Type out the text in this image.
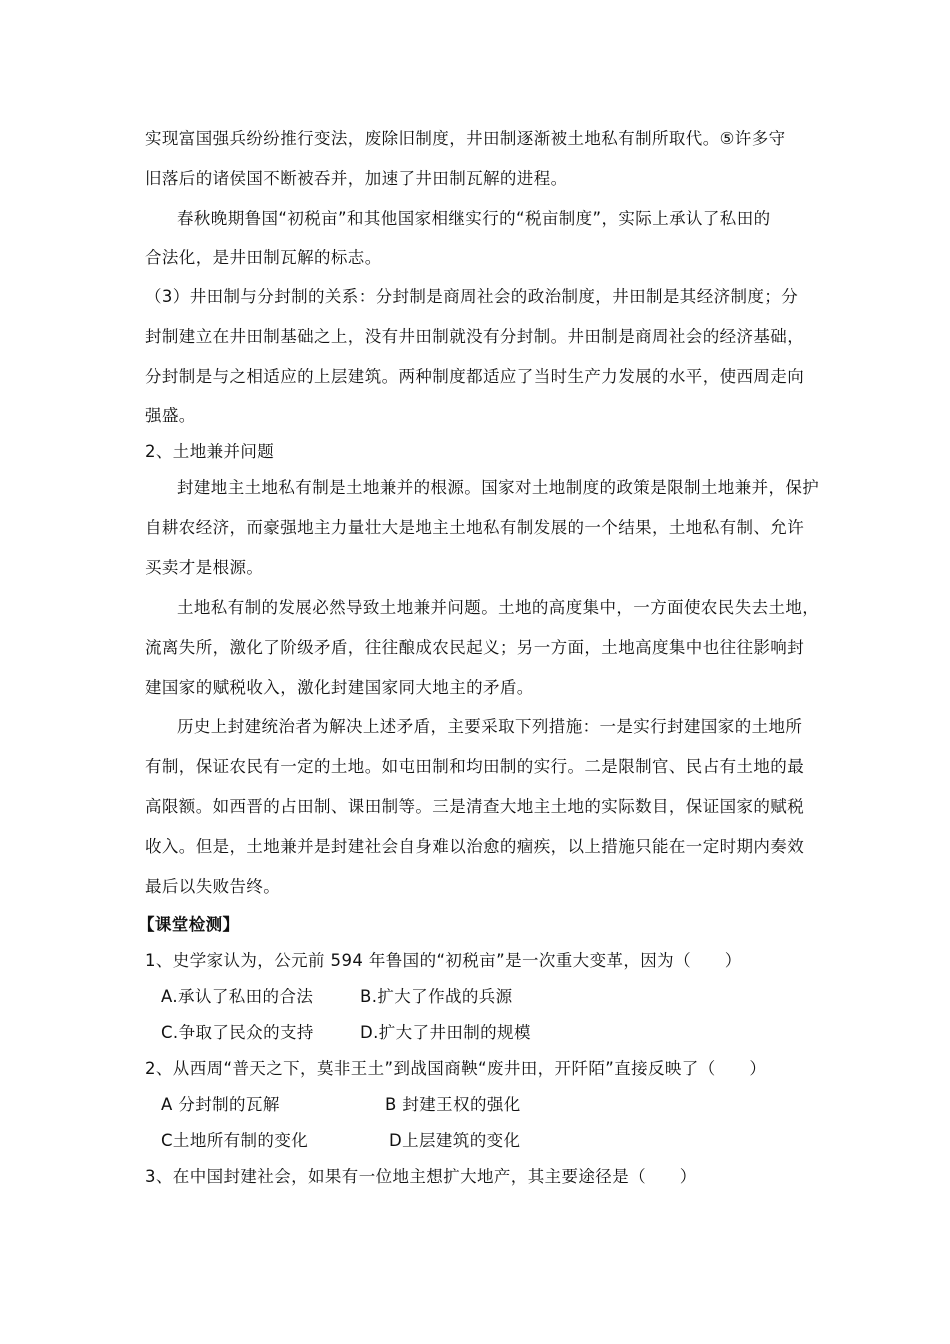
实现富国强兵纷纷推行变法，废除旧制度，井田制逐渐被土地私有制所取代。⑤许多守
旧落后的诸侯国不断被吞并，加速了井田制瓦解的进程。
春秋晚期鲁国“初税亩”和其他国家相继实行的“税亩制度”，实际上承认了私田的
合法化，是井田制瓦解的标志。
（3）井田制与分封制的关系：分封制是商周社会的政治制度，井田制是其经济制度；分
封制建立在井田制基础之上，没有井田制就没有分封制。井田制是商周社会的经济基础，
分封制是与之相适应的上层建筑。两种制度都适应了当时生产力发展的水平，使西周走向
强盛。
2、土地兼并问题
封建地主土地私有制是土地兼并的根源。国家对土地制度的政策是限制土地兼并，保护
自耕农经济，而豪强地主力量壮大是地主土地私有制发展的一个结果，土地私有制、允许
买卖才是根源。
土地私有制的发展必然导致土地兼并问题。土地的高度集中，一方面使农民失去土地，
流离失所，激化了阶级矛盾，往往酿成农民起义；另一方面，土地高度集中也往往影响封
建国家的赋税收入，激化封建国家同大地主的矛盾。
历史上封建统治者为解决上述矛盾，主要采取下列措施：一是实行封建国家的土地所
有制，保证农民有一定的土地。如屯田制和均田制的实行。二是限制官、民占有土地的最
高限额。如西晋的占田制、课田制等。三是清查大地主土地的实际数目，保证国家的赋税
收入。但是，土地兼并是封建社会自身难以治愈的痼疾，以上措施只能在一定时期内奏效
最后以失败告终。
【课堂检测】
1、史学家认为，公元前 594 年鲁国的“初税亩”是一次重大变革，因为（　　）
A.承认了私田的合法	B.扩大了作战的兵源
C.争取了民众的支持	D.扩大了井田制的规模
2、从西周“普天之下，莫非王土”到战国商鞅“废井田，开阡陌”直接反映了（　　）
A 分封制的瓦解	B 封建王权的强化
C土地所有制的变化	D上层建筑的变化
3、在中国封建社会，如果有一位地主想扩大地产，其主要途径是（　　）
